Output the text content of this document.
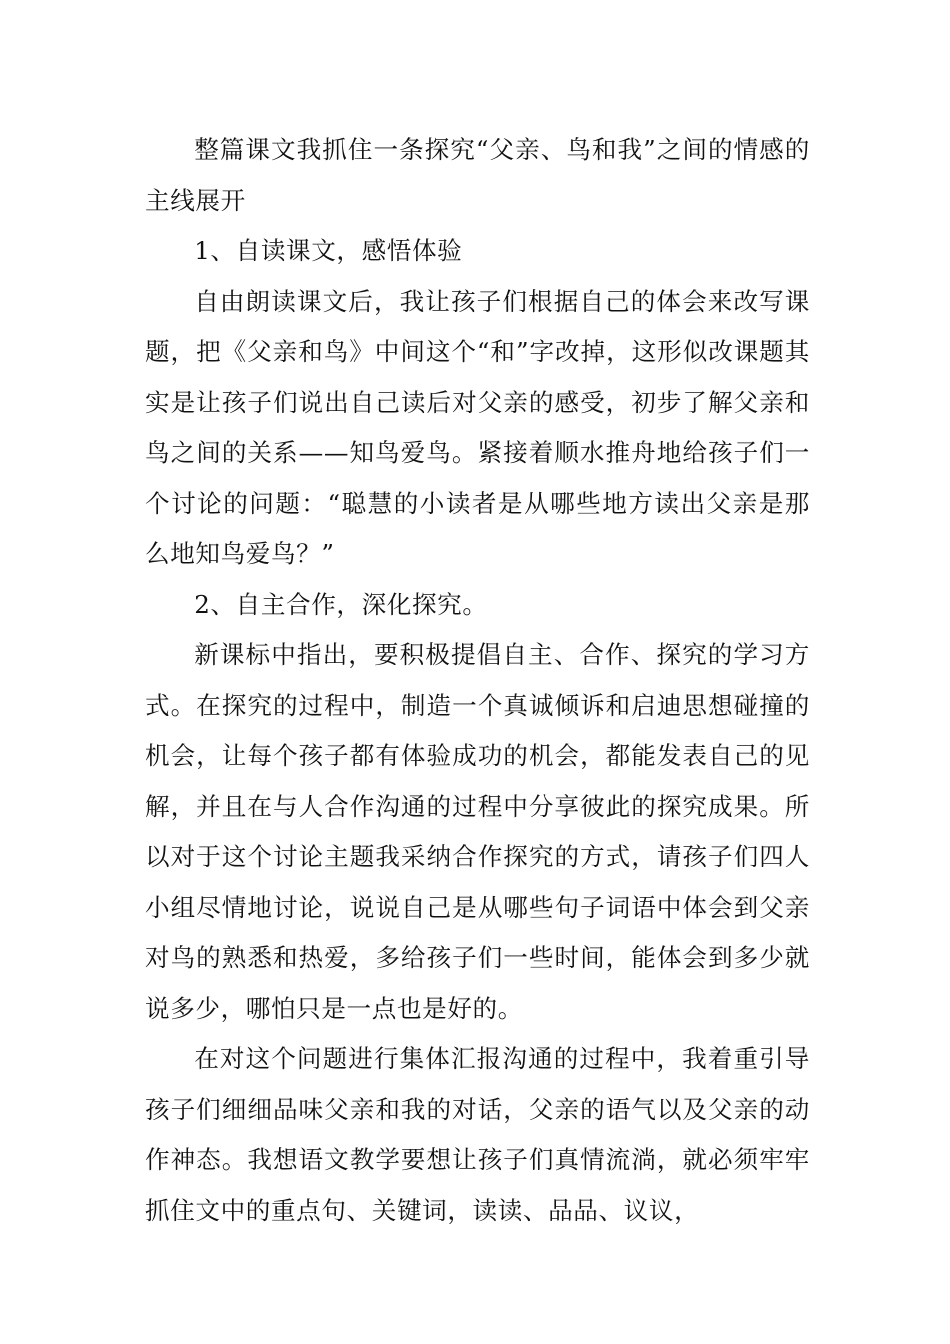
整篇课文我抓住一条探究“父亲、鸟和我”之间的情感的主线展开

1、自读课文，感悟体验

自由朗读课文后，我让孩子们根据自己的体会来改写课题，把《父亲和鸟》中间这个“和”字改掉，这形似改课题其实是让孩子们说出自己读后对父亲的感受，初步了解父亲和鸟之间的关系——知鸟爱鸟。紧接着顺水推舟地给孩子们一个讨论的问题：“聪慧的小读者是从哪些地方读出父亲是那么地知鸟爱鸟？”

2、自主合作，深化探究。

新课标中指出，要积极提倡自主、合作、探究的学习方式。在探究的过程中，制造一个真诚倾诉和启迪思想碰撞的机会，让每个孩子都有体验成功的机会，都能发表自己的见解，并且在与人合作沟通的过程中分享彼此的探究成果。所以对于这个讨论主题我采纳合作探究的方式，请孩子们四人小组尽情地讨论，说说自己是从哪些句子词语中体会到父亲对鸟的熟悉和热爱，多给孩子们一些时间，能体会到多少就说多少，哪怕只是一点也是好的。

在对这个问题进行集体汇报沟通的过程中，我着重引导孩子们细细品味父亲和我的对话，父亲的语气以及父亲的动作神态。我想语文教学要想让孩子们真情流淌，就必须牢牢抓住文中的重点句、关键词，读读、品品、议议，
